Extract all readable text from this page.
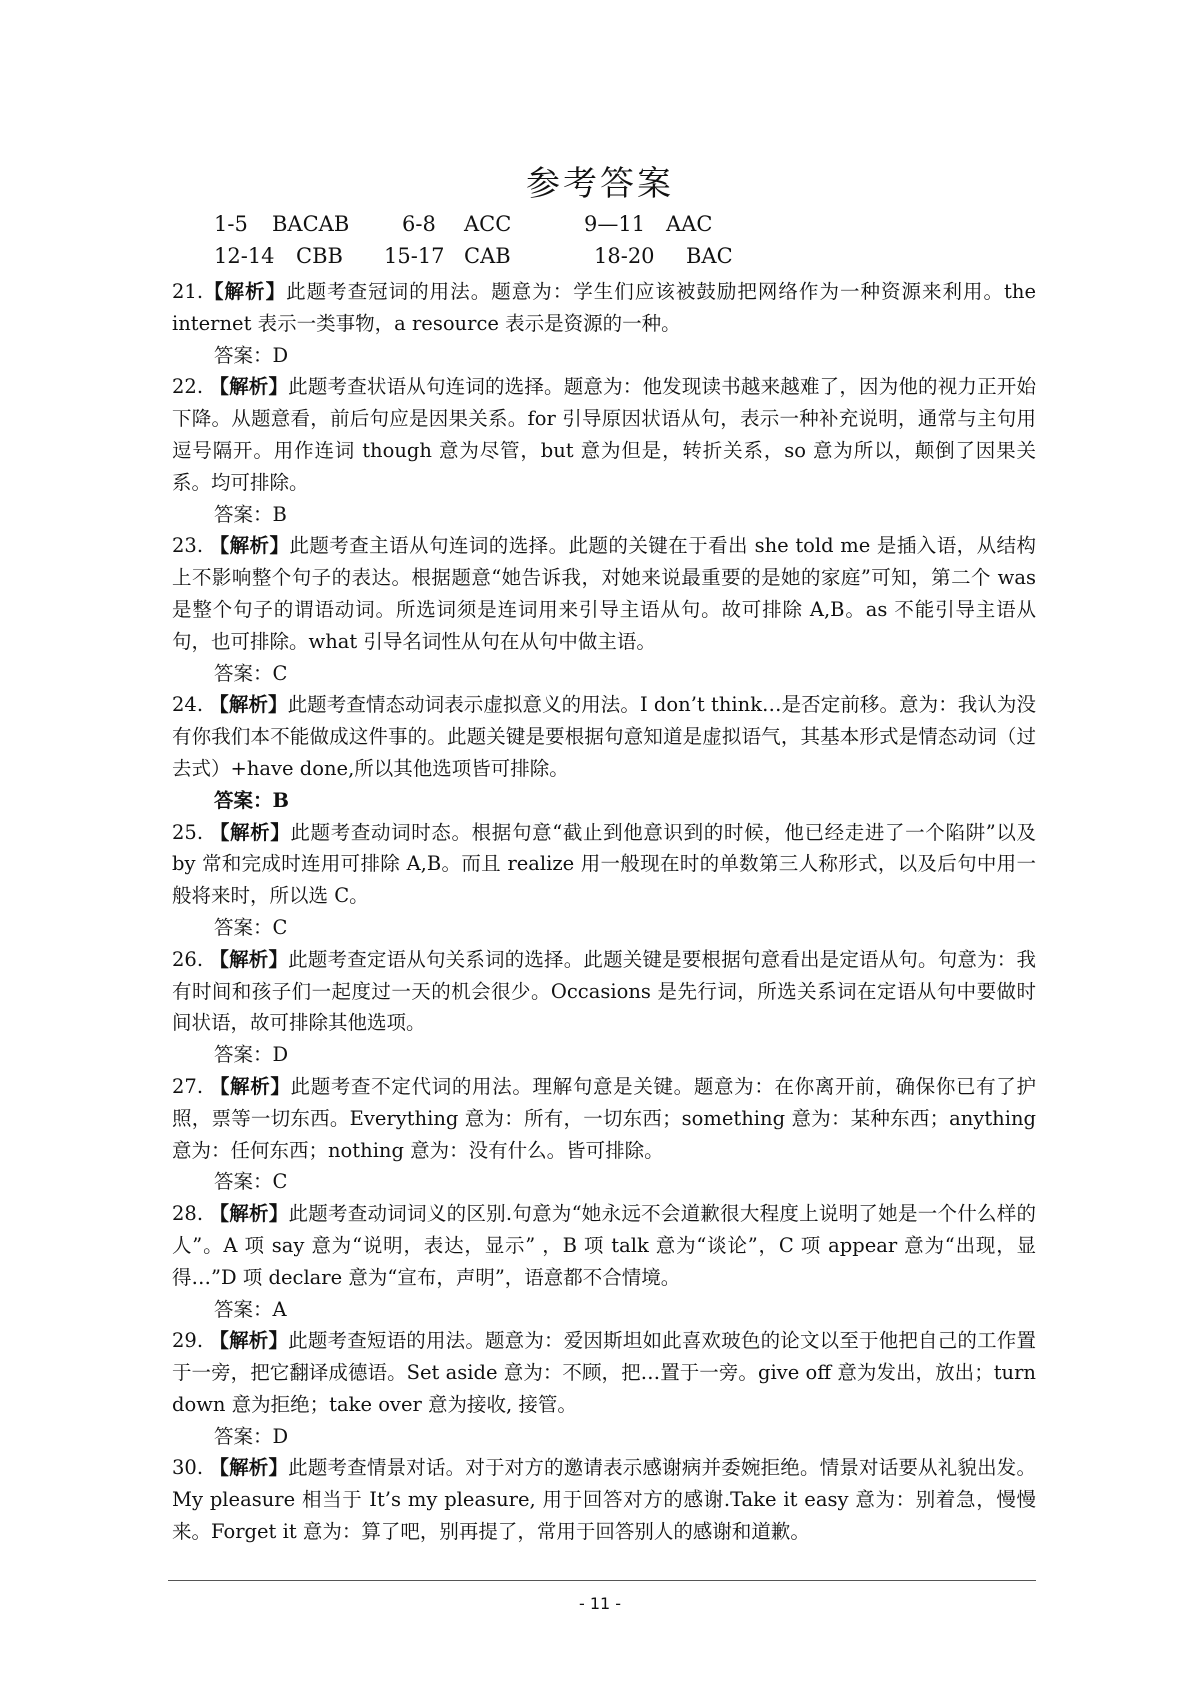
参考答案
1-5 BACAB	6-8 ACC	9—11 AAC
12-14 CBB 15-17 CAB	18-20 BAC

21.【解析】此题考查冠词的用法。题意为：学生们应该被鼓励把网络作为一种资源来利用。the internet 表示一类事物，a resource 表示是资源的一种。

答案：D

22. 【解析】此题考查状语从句连词的选择。题意为：他发现读书越来越难了，因为他的视力正开始下降。从题意看，前后句应是因果关系。for 引导原因状语从句，表示一种补充说明，通常与主句用逗号隔开。用作连词 though 意为尽管，but 意为但是，转折关系，so 意为所以，颠倒了因果关系。均可排除。

答案：B

23. 【解析】此题考查主语从句连词的选择。此题的关键在于看出 she told me 是插入语，从结构上不影响整个句子的表达。根据题意“她告诉我，对她来说最重要的是她的家庭”可知，第二个 was 是整个句子的谓语动词。所选词须是连词用来引导主语从句。故可排除 A,B。as 不能引导主语从句，也可排除。what 引导名词性从句在从句中做主语。

答案：C

24. 【解析】此题考查情态动词表示虚拟意义的用法。I don’t think…是否定前移。意为：我认为没有你我们本不能做成这件事的。此题关键是要根据句意知道是虚拟语气，其基本形式是情态动词（过去式）+have done,所以其他选项皆可排除。

答案：B

25. 【解析】此题考查动词时态。根据句意“截止到他意识到的时候，他已经走进了一个陷阱”以及 by 常和完成时连用可排除 A,B。而且 realize 用一般现在时的单数第三人称形式，以及后句中用一般将来时，所以选 C。

答案：C

26. 【解析】此题考查定语从句关系词的选择。此题关键是要根据句意看出是定语从句。句意为：我有时间和孩子们一起度过一天的机会很少。Occasions 是先行词，所选关系词在定语从句中要做时间状语，故可排除其他选项。

答案：D

27. 【解析】此题考查不定代词的用法。理解句意是关键。题意为：在你离开前，确保你已有了护照，票等一切东西。Everything 意为：所有，一切东西；something 意为：某种东西；anything 意为：任何东西；nothing 意为：没有什么。皆可排除。

答案：C

28. 【解析】此题考查动词词义的区别.句意为“她永远不会道歉很大程度上说明了她是一个什么样的人”。A 项 say 意为“说明，表达，显示” ，B 项 talk 意为“谈论”，C 项 appear 意为“出现，显得…”D 项 declare 意为“宣布，声明”，语意都不合情境。

答案：A

29. 【解析】此题考查短语的用法。题意为：爱因斯坦如此喜欢玻色的论文以至于他把自己的工作置于一旁，把它翻译成德语。Set aside 意为：不顾，把…置于一旁。give off 意为发出，放出；turn down 意为拒绝；take over 意为接收, 接管。

答案：D

30. 【解析】此题考查情景对话。对于对方的邀请表示感谢病并委婉拒绝。情景对话要从礼貌出发。My pleasure 相当于 It’s my pleasure, 用于回答对方的感谢.Take it easy 意为：别着急，慢慢来。Forget it 意为：算了吧，别再提了，常用于回答别人的感谢和道歉。

- 11 -
